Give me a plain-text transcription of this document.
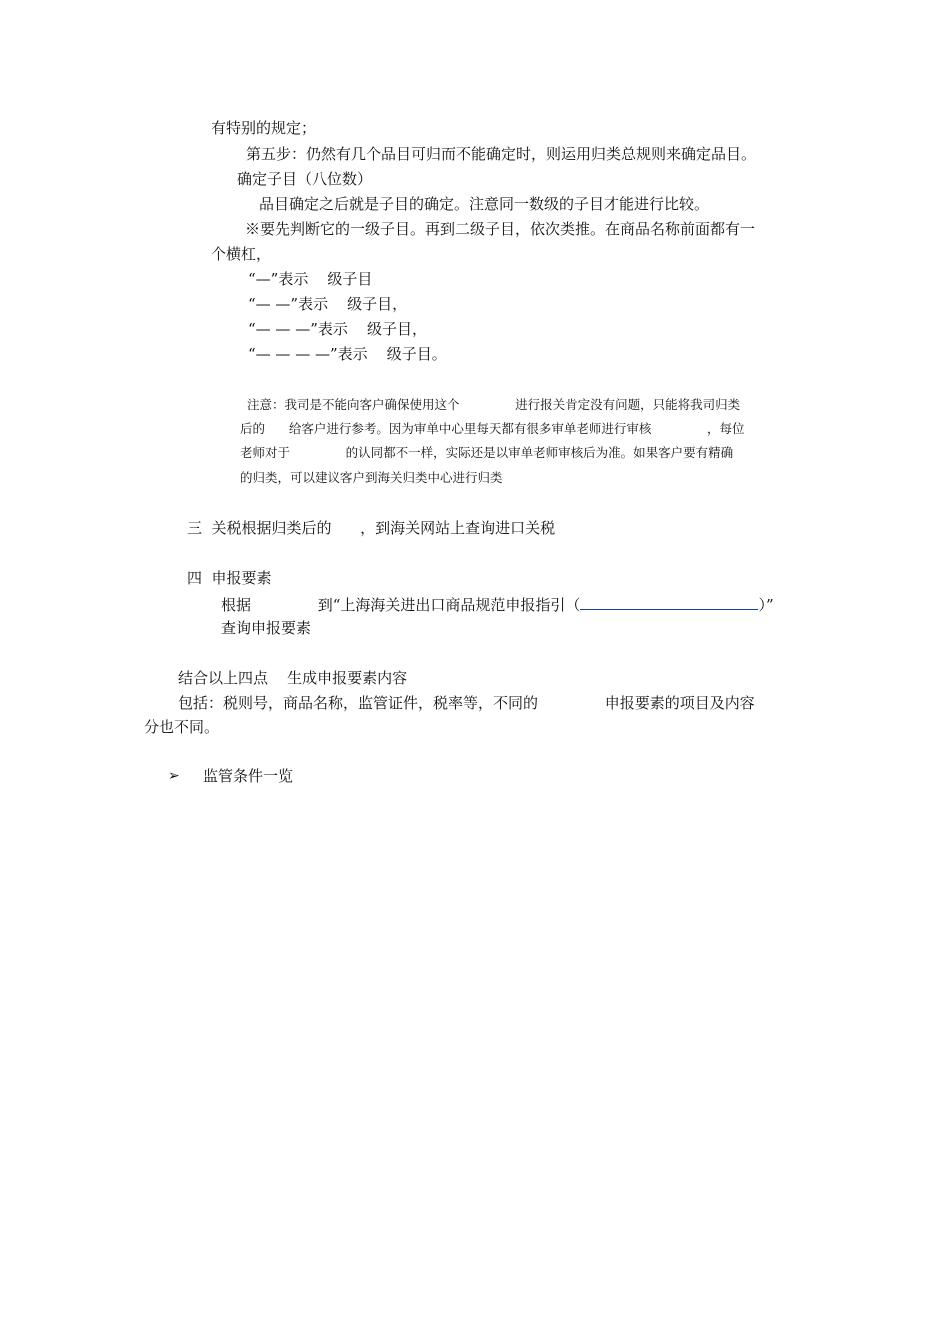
有特别的规定；
第五步：仍然有几个品目可归而不能确定时，则运用归类总规则来确定品目。
确定子目（八位数）
品目确定之后就是子目的确定。注意同一数级的子目才能进行比较。
※要先判断它的一级子目。再到二级子目，依次类推。在商品名称前面都有一
个横杠，
“—”表示    级子目
“— —”表示    级子目，
“— — —”表示    级子目，
“— — — —”表示    级子目。
注意：我司是不能向客户确保使用这个              进行报关肯定没有问题，只能将我司归类
后的      给客户进行参考。因为审单中心里每天都有很多审单老师进行审核              ，每位
老师对于              的认同都不一样，实际还是以审单老师审核后为准。如果客户要有精确
的归类，可以建议客户到海关归类中心进行归类
三  关税根据归类后的      ，到海关网站上查询进口关税
四  申报要素
根据              到“上海海关进出口商品规范申报指引（	）”
查询申报要素
结合以上四点    生成申报要素内容
包括：税则号，商品名称，监管证件，税率等，不同的              申报要素的项目及内容
分也不同。
➢ 监管条件一览
